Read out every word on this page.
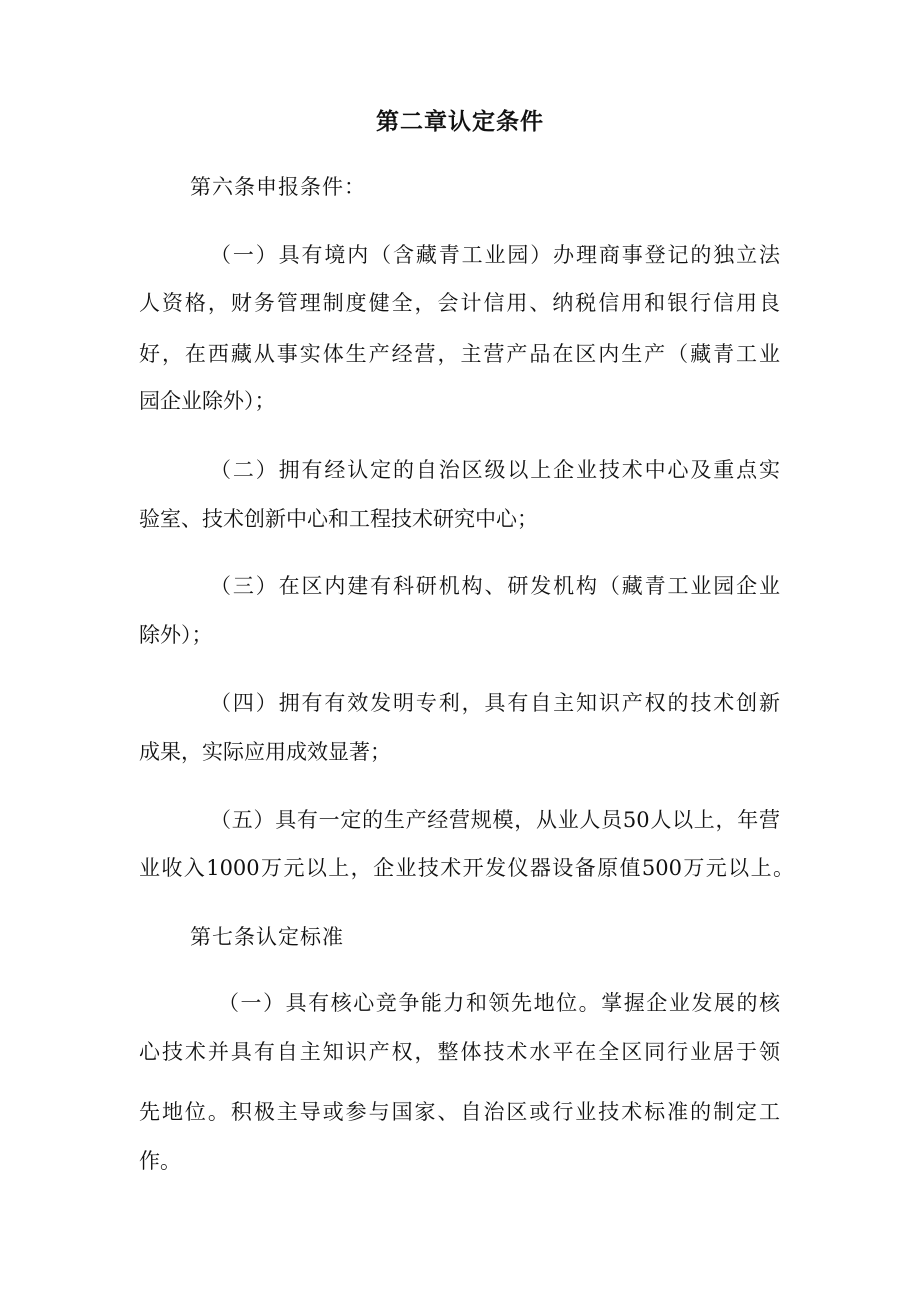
第二章认定条件
第六条申报条件：
（一）具有境内（含藏青工业园）办理商事登记的独立法
人资格，财务管理制度健全，会计信用、纳税信用和银行信用良
好，在西藏从事实体生产经营，主营产品在区内生产（藏青工业
园企业除外）；
（二）拥有经认定的自治区级以上企业技术中心及重点实
验室、技术创新中心和工程技术研究中心；
（三）在区内建有科研机构、研发机构（藏青工业园企业
除外）；
（四）拥有有效发明专利，具有自主知识产权的技术创新
成果，实际应用成效显著；
（五）具有一定的生产经营规模，从业人员50人以上，年营
业收入1000万元以上，企业技术开发仪器设备原值500万元以上。
第七条认定标准
（一）具有核心竞争能力和领先地位。掌握企业发展的核
心技术并具有自主知识产权，整体技术水平在全区同行业居于领
先地位。积极主导或参与国家、自治区或行业技术标准的制定工
作。
